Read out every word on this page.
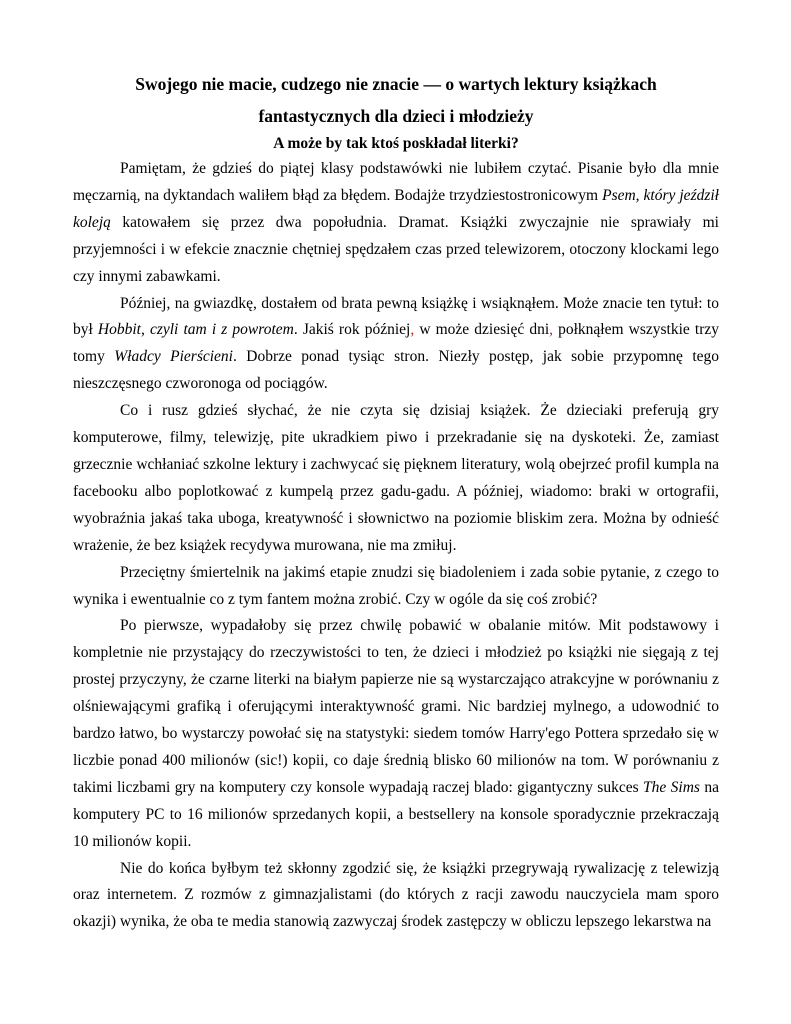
Swojego nie macie, cudzego nie znacie — o wartych lektury książkach
fantastycznych dla dzieci i młodzieży

A może by tak ktoś poskładał literki?

Pamiętam, że gdzieś do piątej klasy podstawówki nie lubiłem czytać. Pisanie było dla mnie męczarnią, na dyktandach waliłem błąd za błędem. Bodajże trzydziestostronicowym Psem, który jeździł koleją katowałem się przez dwa popołudnia. Dramat. Książki zwyczajnie nie sprawiały mi przyjemności i w efekcie znacznie chętniej spędzałem czas przed telewizorem, otoczony klockami lego czy innymi zabawkami.

Później, na gwiazdkę, dostałem od brata pewną książkę i wsiąknąłem. Może znacie ten tytuł: to był Hobbit, czyli tam i z powrotem. Jakiś rok później, w może dziesięć dni, połknąłem wszystkie trzy tomy Władcy Pierścieni. Dobrze ponad tysiąc stron. Niezły postęp, jak sobie przypomnę tego nieszczęsnego czworonoga od pociągów.

Co i rusz gdzieś słychać, że nie czyta się dzisiaj książek. Że dzieciaki preferują gry komputerowe, filmy, telewizję, pite ukradkiem piwo i przekradanie się na dyskoteki. Że, zamiast grzecznie wchłaniać szkolne lektury i zachwycać się pięknem literatury, wolą obejrzeć profil kumpla na facebooku albo poplotkować z kumpelą przez gadu-gadu. A później, wiadomo: braki w ortografii, wyobraźnia jakaś taka uboga, kreatywność i słownictwo na poziomie bliskim zera. Można by odnieść wrażenie, że bez książek recydywa murowana, nie ma zmiłuj.

Przeciętny śmiertelnik na jakimś etapie znudzi się biadoleniem i zada sobie pytanie, z czego to wynika i ewentualnie co z tym fantem można zrobić. Czy w ogóle da się coś zrobić?

Po pierwsze, wypadałoby się przez chwilę pobawić w obalanie mitów. Mit podstawowy i kompletnie nie przystający do rzeczywistości to ten, że dzieci i młodzież po książki nie sięgają z tej prostej przyczyny, że czarne literki na białym papierze nie są wystarczająco atrakcyjne w porównaniu z olśniewającymi grafiką i oferującymi interaktywność grami. Nic bardziej mylnego, a udowodnić to bardzo łatwo, bo wystarczy powołać się na statystyki: siedem tomów Harry'ego Pottera sprzedało się w liczbie ponad 400 milionów (sic!) kopii, co daje średnią blisko 60 milionów na tom. W porównaniu z takimi liczbami gry na komputery czy konsole wypadają raczej blado: gigantyczny sukces The Sims na komputery PC to 16 milionów sprzedanych kopii, a bestsellery na konsole sporadycznie przekraczają 10 milionów kopii.

Nie do końca byłbym też skłonny zgodzić się, że książki przegrywają rywalizację z telewizją oraz internetem. Z rozmów z gimnazjalistami (do których z racji zawodu nauczyciela mam sporo okazji) wynika, że oba te media stanowią zazwyczaj środek zastępczy w obliczu lepszego lekarstwa na
